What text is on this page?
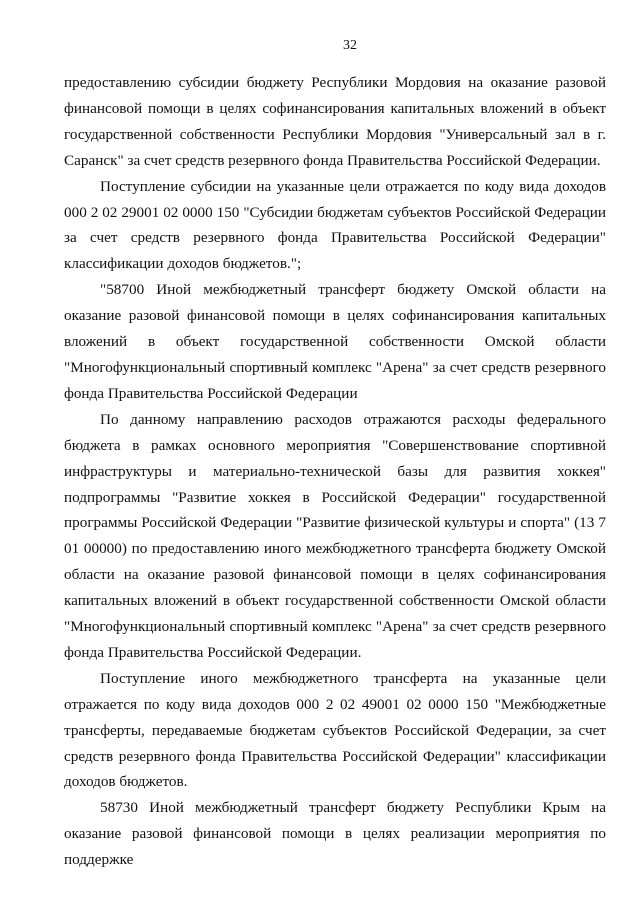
32

предоставлению субсидии бюджету Республики Мордовия на оказание разовой финансовой помощи в целях софинансирования капитальных вложений в объект государственной собственности Республики Мордовия "Универсальный зал в г. Саранск" за счет средств резервного фонда Правительства Российской Федерации.

Поступление субсидии на указанные цели отражается по коду вида доходов 000 2 02 29001 02 0000 150 "Субсидии бюджетам субъектов Российской Федерации за счет средств резервного фонда Правительства Российской Федерации" классификации доходов бюджетов.";

"58700 Иной межбюджетный трансферт бюджету Омской области на оказание разовой финансовой помощи в целях софинансирования капитальных вложений в объект государственной собственности Омской области "Многофункциональный спортивный комплекс "Арена" за счет средств резервного фонда Правительства Российской Федерации

По данному направлению расходов отражаются расходы федерального бюджета в рамках основного мероприятия "Совершенствование спортивной инфраструктуры и материально-технической базы для развития хоккея" подпрограммы "Развитие хоккея в Российской Федерации" государственной программы Российской Федерации "Развитие физической культуры и спорта" (13 7 01 00000) по предоставлению иного межбюджетного трансферта бюджету Омской области на оказание разовой финансовой помощи в целях софинансирования капитальных вложений в объект государственной собственности Омской области "Многофункциональный спортивный комплекс "Арена" за счет средств резервного фонда Правительства Российской Федерации.

Поступление иного межбюджетного трансферта на указанные цели отражается по коду вида доходов 000 2 02 49001 02 0000 150 "Межбюджетные трансферты, передаваемые бюджетам субъектов Российской Федерации, за счет средств резервного фонда Правительства Российской Федерации" классификации доходов бюджетов.

58730 Иной межбюджетный трансферт бюджету Республики Крым на оказание разовой финансовой помощи в целях реализации мероприятия по поддержке
